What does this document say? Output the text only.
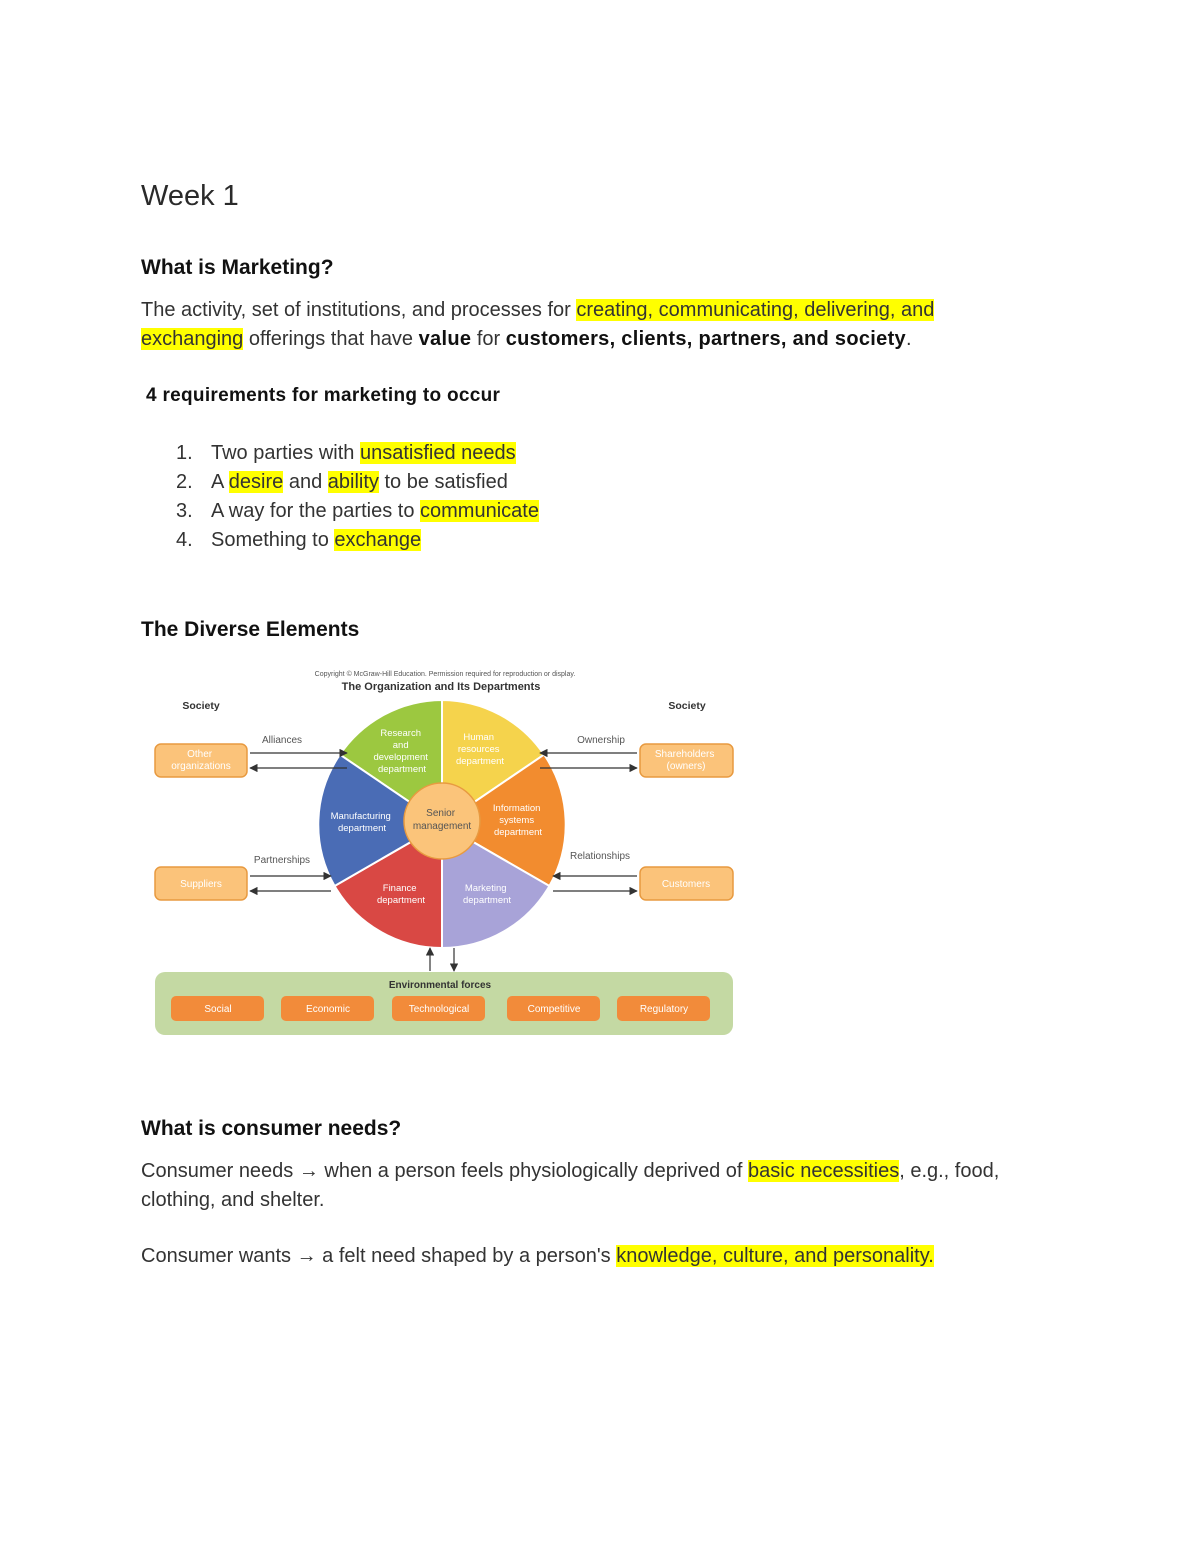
Week 1
What is Marketing?
The activity, set of institutions, and processes for creating, communicating, delivering, and exchanging offerings that have value for customers, clients, partners, and society.
4 requirements for marketing to occur
1. Two parties with unsatisfied needs
2. A desire and ability to be satisfied
3. A way for the parties to communicate
4. Something to exchange
The Diverse Elements
Copyright © McGraw-Hill Education. Permission required for reproduction or display.
The Organization and Its Departments
Society	Society
Research and development department
Human resources department
Information systems department
Marketing department
Finance department
Manufacturing department
Senior management
Other organizations
Shareholders (owners)
Suppliers	Customers
Alliances	Ownership
Partnerships	Relationships
Environmental forces
Social	Economic	Technological	Competitive	Regulatory
What is consumer needs?
Consumer needs → when a person feels physiologically deprived of basic necessities, e.g., food, clothing, and shelter.
Consumer wants → a felt need shaped by a person's knowledge, culture, and personality.
